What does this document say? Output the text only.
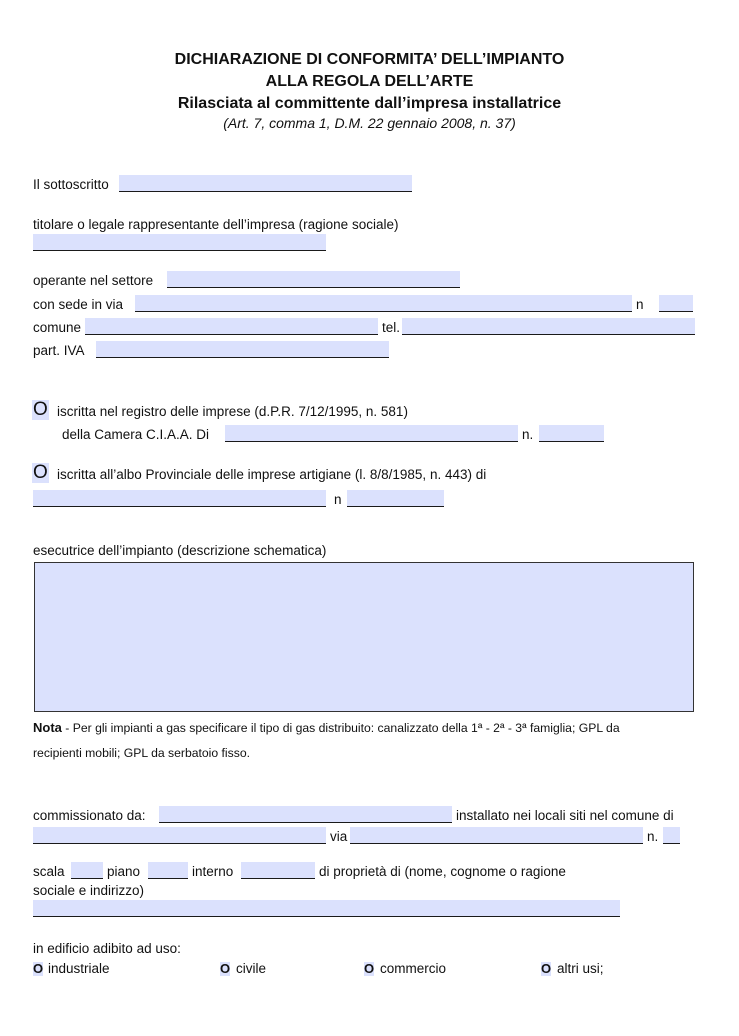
DICHIARAZIONE DI CONFORMITA’ DELL’IMPIANTO
ALLA REGOLA DELL’ARTE
Rilasciata al committente dall’impresa installatrice
(Art. 7, comma 1, D.M. 22 gennaio 2008, n. 37)
Il sottoscritto
titolare o legale rappresentante dell’impresa (ragione sociale)
operante nel settore
con sede in via	n
comune	tel.
part. IVA
O iscritta nel registro delle imprese (d.P.R. 7/12/1995, n. 581)
della Camera C.I.A.A. Di	n.
O iscritta all’albo Provinciale delle imprese artigiane (l. 8/8/1985, n. 443) di
n
esecutrice dell’impianto (descrizione schematica)
Nota - Per gli impianti a gas specificare il tipo di gas distribuito: canalizzato della 1ª - 2ª - 3ª famiglia; GPL da
recipienti mobili; GPL da serbatoio fisso.
commissionato da:	installato nei locali siti nel comune di
via	n.
scala	piano	interno	di proprietà di (nome, cognome o ragione
sociale e indirizzo)
in edificio adibito ad uso:
O industriale	O civile	O commercio	O altri usi;
